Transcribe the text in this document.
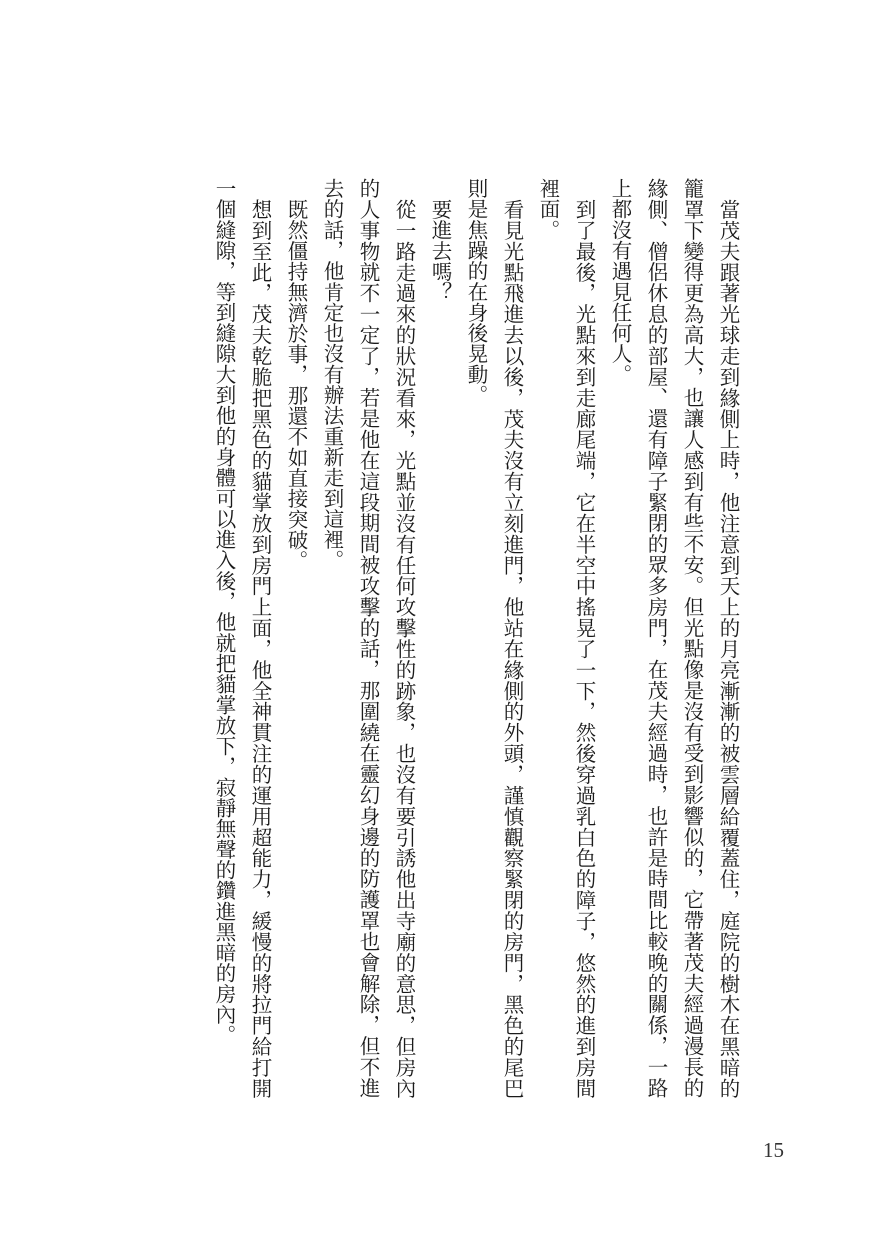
當茂夫跟著光球走到緣側上時，他注意到天上的月亮漸漸的被雲層給覆蓋住，庭院的樹木在黑暗的籠罩下變得更為高大，也讓人感到有些不安。但光點像是沒有受到影響似的，它帶著茂夫經過漫長的緣側、僧侶休息的部屋、還有障子緊閉的眾多房門，在茂夫經過時，也許是時間比較晚的關係，一路上都沒有遇見任何人。

到了最後，光點來到走廊尾端，它在半空中搖晃了一下，然後穿過乳白色的障子，悠然的進到房間裡面。

看見光點飛進去以後，茂夫沒有立刻進門，他站在緣側的外頭，謹慎觀察緊閉的房門，黑色的尾巴則是焦躁的在身後晃動。

要進去嗎？

從一路走過來的狀況看來，光點並沒有任何攻擊性的跡象，也沒有要引誘他出寺廟的意思，但房內的人事物就不一定了，若是他在這段期間被攻擊的話，那圍繞在靈幻身邊的防護罩也會解除，但不進去的話，他肯定也沒有辦法重新走到這裡。

既然僵持無濟於事，那還不如直接突破。

想到至此，茂夫乾脆把黑色的貓掌放到房門上面，他全神貫注的運用超能力，緩慢的將拉門給打開一個縫隙，等到縫隙大到他的身體可以進入後，他就把貓掌放下，寂靜無聲的鑽進黑暗的房內。

15
